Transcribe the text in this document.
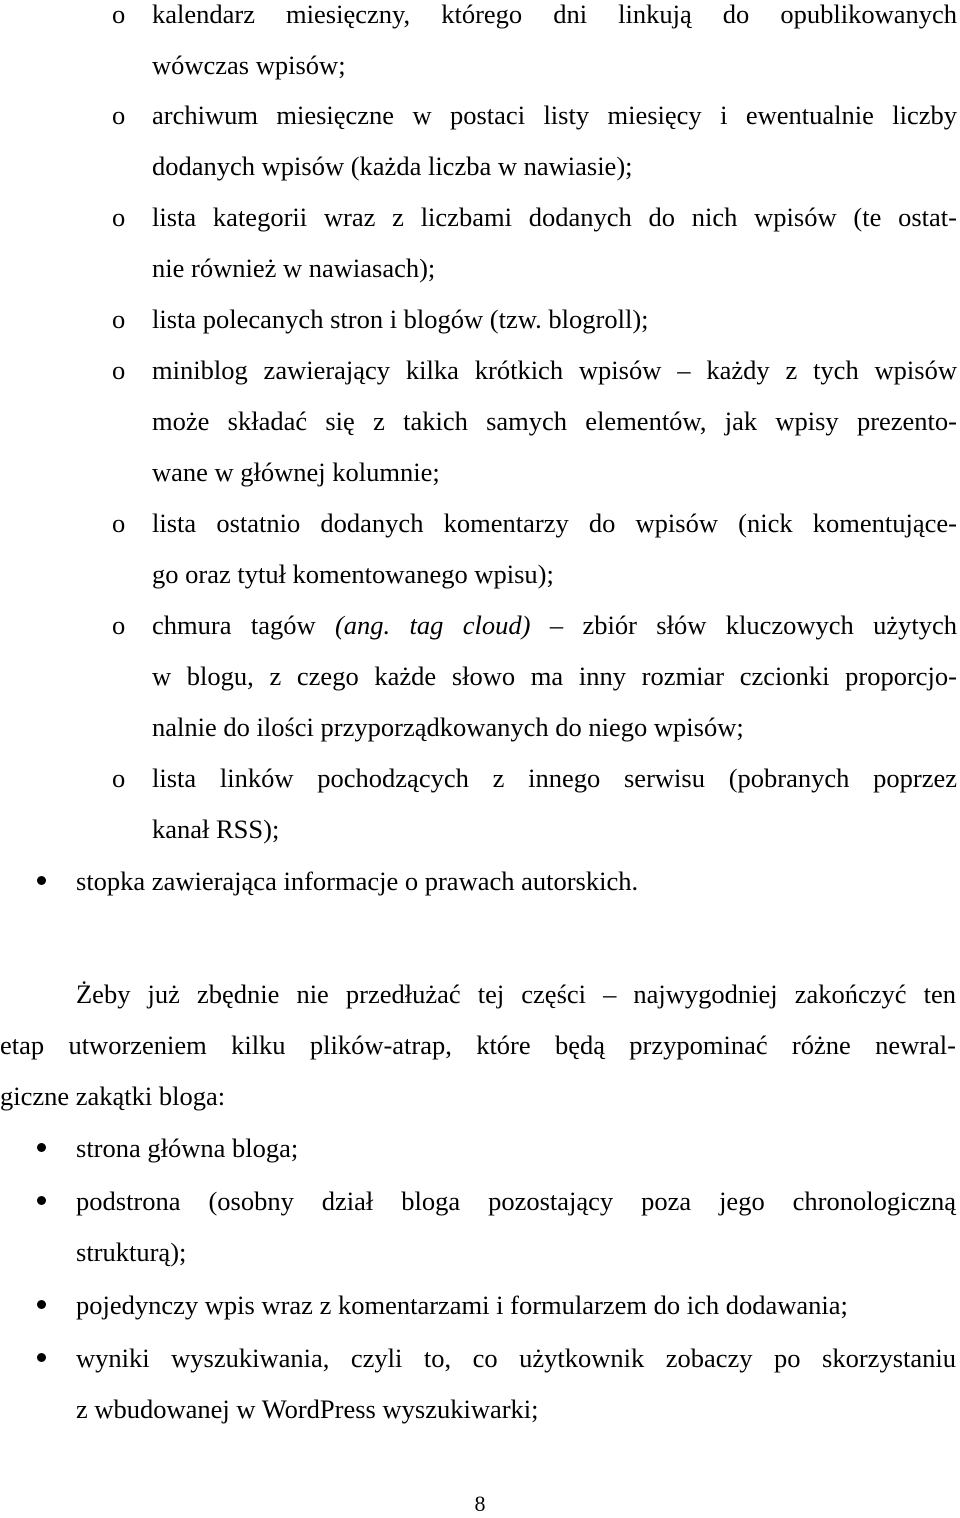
o kalendarz miesięczny, którego dni linkują do opublikowanych
wówczas wpisów;
o archiwum miesięczne w postaci listy miesięcy i ewentualnie liczby
dodanych wpisów (każda liczba w nawiasie);
o lista kategorii wraz z liczbami dodanych do nich wpisów (te ostat-
nie również w nawiasach);
o lista polecanych stron i blogów (tzw. blogroll);
o miniblog zawierający kilka krótkich wpisów – każdy z tych wpisów
może składać się z takich samych elementów, jak wpisy prezento-
wane w głównej kolumnie;
o lista ostatnio dodanych komentarzy do wpisów (nick komentujące-
go oraz tytuł komentowanego wpisu);
o chmura tagów (ang. tag cloud) – zbiór słów kluczowych użytych
w blogu, z czego każde słowo ma inny rozmiar czcionki proporcjo-
nalnie do ilości przyporządkowanych do niego wpisów;
o lista linków pochodzących z innego serwisu (pobranych poprzez
kanał RSS);
stopka zawierająca informacje o prawach autorskich.
Żeby już zbędnie nie przedłużać tej części – najwygodniej zakończyć ten
etap utworzeniem kilku plików-atrap, które będą przypominać różne newral-
giczne zakątki bloga:
strona główna bloga;
podstrona (osobny dział bloga pozostający poza jego chronologiczną
strukturą);
pojedynczy wpis wraz z komentarzami i formularzem do ich dodawania;
wyniki wyszukiwania, czyli to, co użytkownik zobaczy po skorzystaniu
z wbudowanej w WordPress wyszukiwarki;
8
